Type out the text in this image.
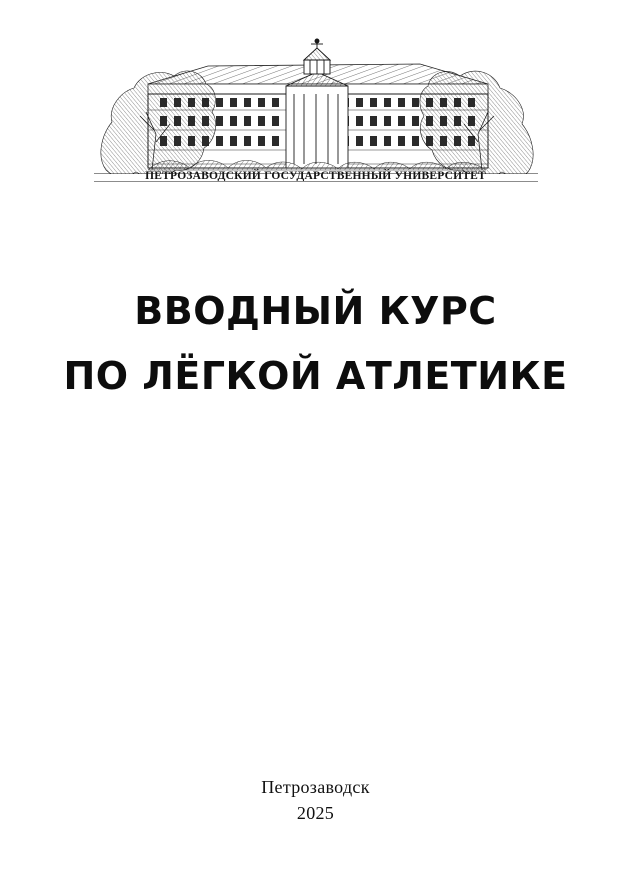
ПЕТРОЗАВОДСКИЙ ГОСУДАРСТВЕННЫЙ УНИВЕРСИТЕТ
ВВОДНЫЙ КУРС
ПО ЛЁГКОЙ АТЛЕТИКЕ
Петрозаводск
2025
